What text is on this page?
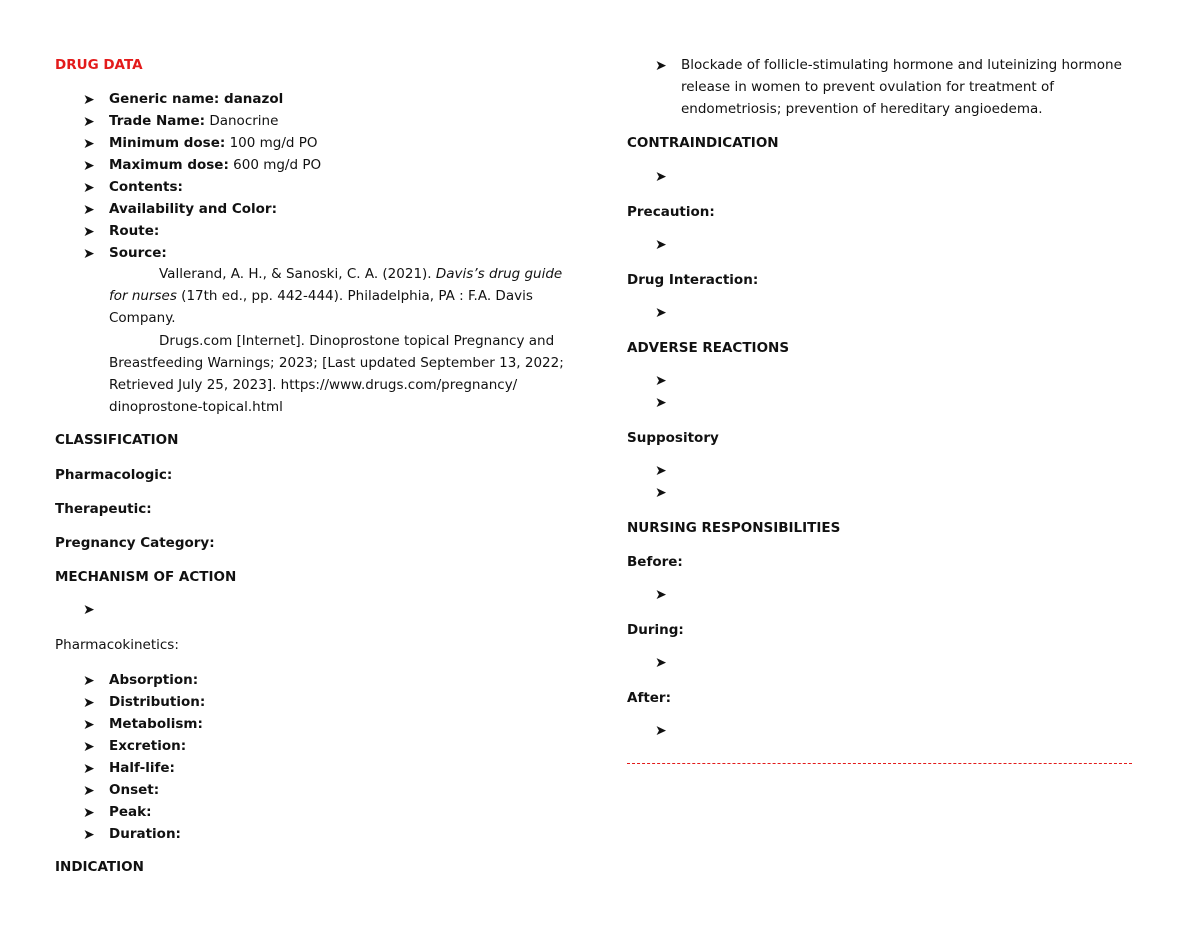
DRUG DATA
➤ Generic name: danazol
➤ Trade Name: Danocrine
➤ Minimum dose: 100 mg/d PO
➤ Maximum dose: 600 mg/d PO
➤ Contents:
➤ Availability and Color:
➤ Route:
➤ Source:
Vallerand, A. H., & Sanoski, C. A. (2021). Davis’s drug guide for nurses (17th ed., pp. 442-444). Philadelphia, PA : F.A. Davis Company.
Drugs.com [Internet]. Dinoprostone topical Pregnancy and Breastfeeding Warnings; 2023; [Last updated September 13, 2022; Retrieved July 25, 2023]. https://www.drugs.com/pregnancy/ dinoprostone-topical.html
CLASSIFICATION
Pharmacologic:
Therapeutic:
Pregnancy Category:
MECHANISM OF ACTION
➤
Pharmacokinetics:
➤ Absorption:
➤ Distribution:
➤ Metabolism:
➤ Excretion:
➤ Half-life:
➤ Onset:
➤ Peak:
➤ Duration:
INDICATION
➤ Blockade of follicle-stimulating hormone and luteinizing hormone release in women to prevent ovulation for treatment of endometriosis; prevention of hereditary angioedema.
CONTRAINDICATION
➤
Precaution:
➤
Drug Interaction:
➤
ADVERSE REACTIONS
➤
➤
Suppository
➤
➤
NURSING RESPONSIBILITIES
Before:
➤
During:
➤
After:
➤
